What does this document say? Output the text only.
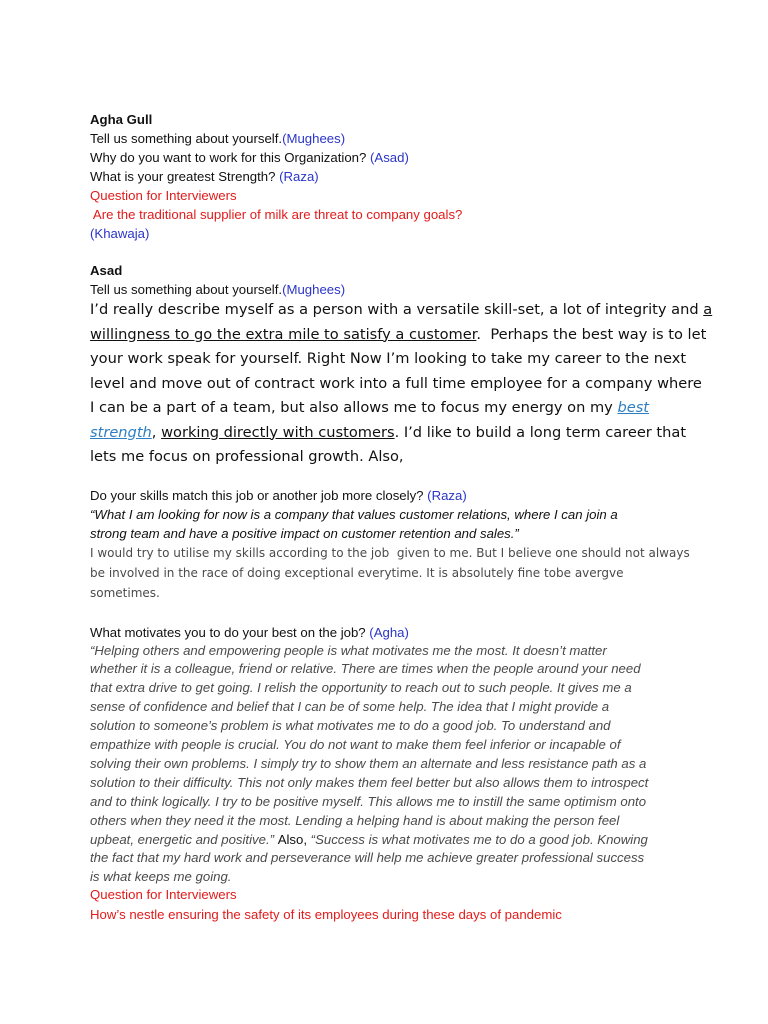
Agha Gull
Tell us something about yourself.(Mughees)
Why do you want to work for this Organization? (Asad)
What is your greatest Strength? (Raza)
Question for Interviewers
Are the traditional supplier of milk are threat to company goals?
(Khawaja)
Asad
Tell us something about yourself.(Mughees)
I’d really describe myself as a person with a versatile skill-set, a lot of integrity and a
willingness to go the extra mile to satisfy a customer.  Perhaps the best way is to let
your work speak for yourself. Right Now I’m looking to take my career to the next
level and move out of contract work into a full time employee for a company where
I can be a part of a team, but also allows me to focus my energy on my best
strength, working directly with customers. I’d like to build a long term career that
lets me focus on professional growth. Also,
Do your skills match this job or another job more closely? (Raza)
“What I am looking for now is a company that values customer relations, where I can join a
strong team and have a positive impact on customer retention and sales.”
I would try to utilise my skills according to the job  given to me. But I believe one should not always
be involved in the race of doing exceptional everytime. It is absolutely fine tobe avergve
sometimes.
What motivates you to do your best on the job? (Agha)
“Helping others and empowering people is what motivates me the most. It doesn’t matter
whether it is a colleague, friend or relative. There are times when the people around your need
that extra drive to get going. I relish the opportunity to reach out to such people. It gives me a
sense of confidence and belief that I can be of some help. The idea that I might provide a
solution to someone’s problem is what motivates me to do a good job. To understand and
empathize with people is crucial. You do not want to make them feel inferior or incapable of
solving their own problems. I simply try to show them an alternate and less resistance path as a
solution to their difficulty. This not only makes them feel better but also allows them to introspect
and to think logically. I try to be positive myself. This allows me to instill the same optimism onto
others when they need it the most. Lending a helping hand is about making the person feel
upbeat, energetic and positive.” Also, “Success is what motivates me to do a good job. Knowing
the fact that my hard work and perseverance will help me achieve greater professional success
is what keeps me going.
Question for Interviewers
How’s nestle ensuring the safety of its employees during these days of pandemic
